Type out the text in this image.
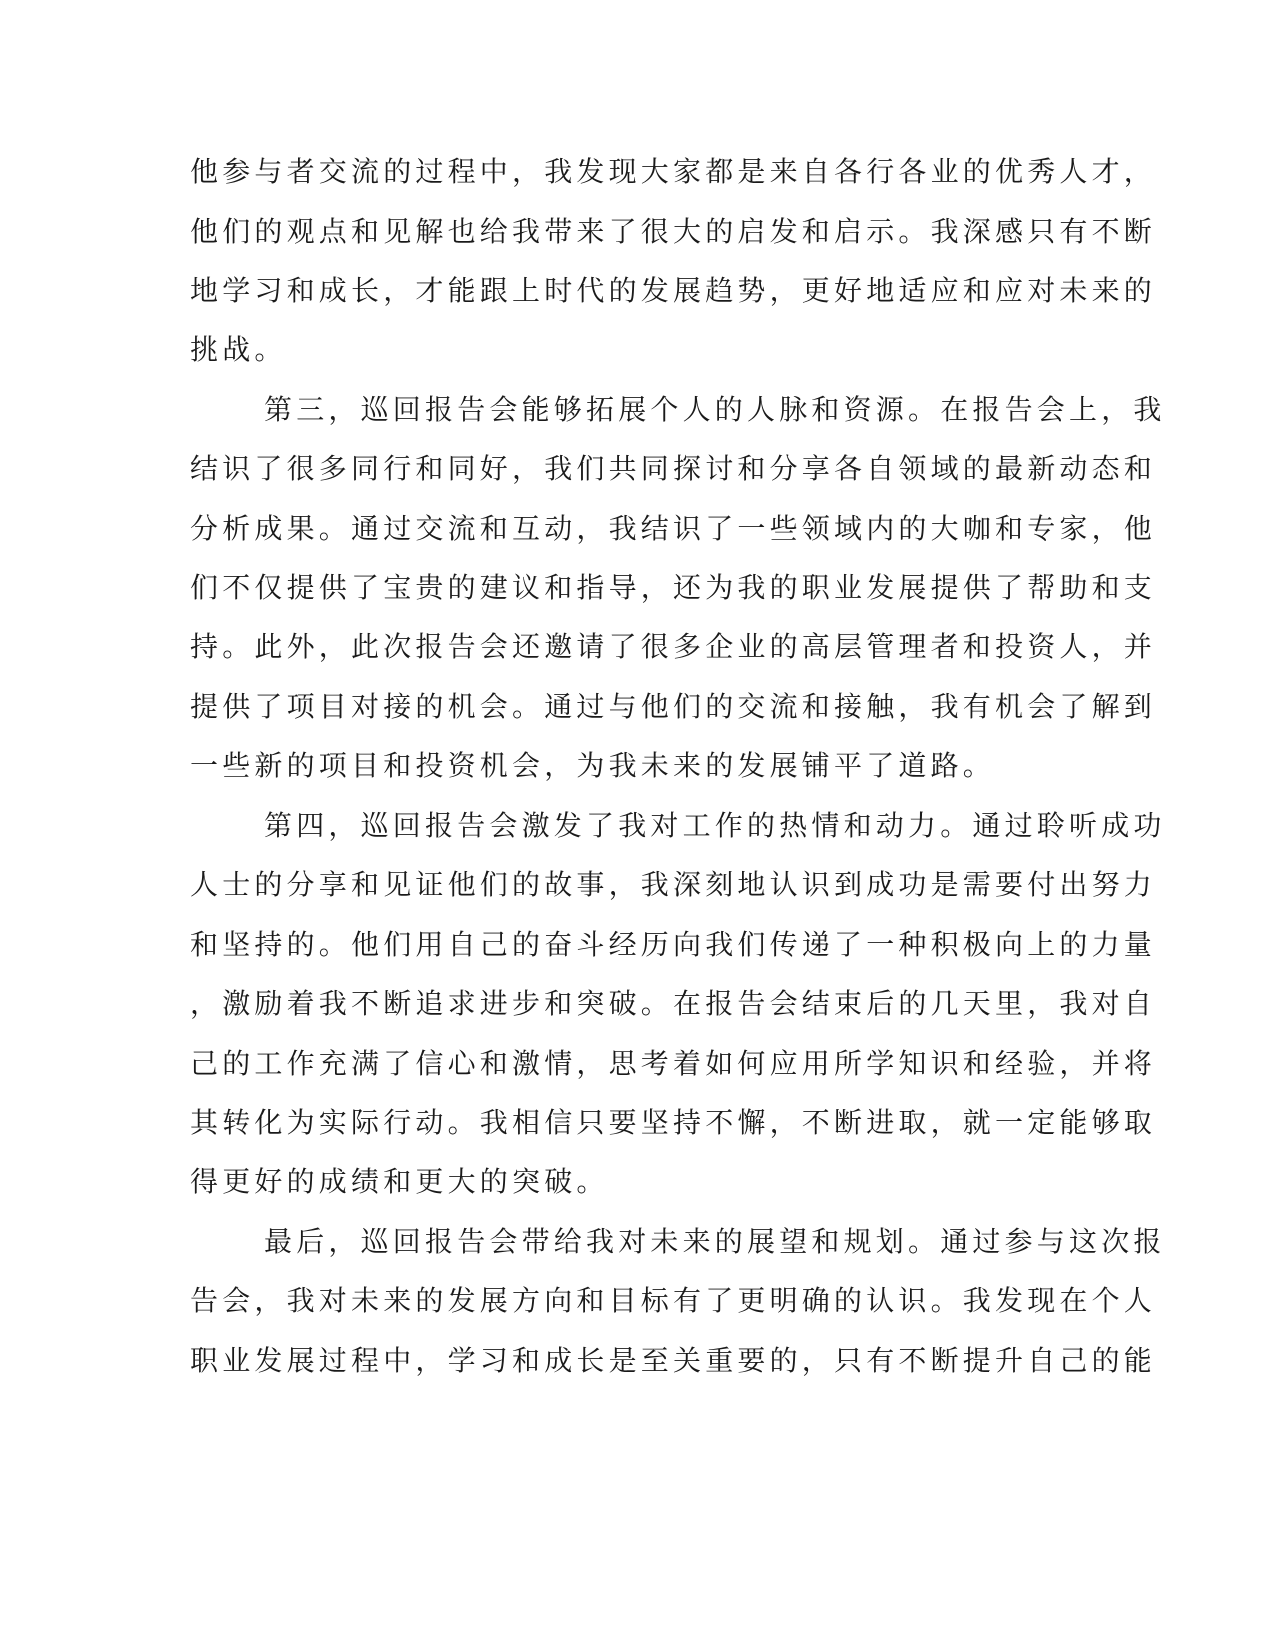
他参与者交流的过程中，我发现大家都是来自各行各业的优秀人才，
他们的观点和见解也给我带来了很大的启发和启示。我深感只有不断
地学习和成长，才能跟上时代的发展趋势，更好地适应和应对未来的
挑战。
第三，巡回报告会能够拓展个人的人脉和资源。在报告会上，我
结识了很多同行和同好，我们共同探讨和分享各自领域的最新动态和
分析成果。通过交流和互动，我结识了一些领域内的大咖和专家，他
们不仅提供了宝贵的建议和指导，还为我的职业发展提供了帮助和支
持。此外，此次报告会还邀请了很多企业的高层管理者和投资人，并
提供了项目对接的机会。通过与他们的交流和接触，我有机会了解到
一些新的项目和投资机会，为我未来的发展铺平了道路。
第四，巡回报告会激发了我对工作的热情和动力。通过聆听成功
人士的分享和见证他们的故事，我深刻地认识到成功是需要付出努力
和坚持的。他们用自己的奋斗经历向我们传递了一种积极向上的力量
，激励着我不断追求进步和突破。在报告会结束后的几天里，我对自
己的工作充满了信心和激情，思考着如何应用所学知识和经验，并将
其转化为实际行动。我相信只要坚持不懈，不断进取，就一定能够取
得更好的成绩和更大的突破。
最后，巡回报告会带给我对未来的展望和规划。通过参与这次报
告会，我对未来的发展方向和目标有了更明确的认识。我发现在个人
职业发展过程中，学习和成长是至关重要的，只有不断提升自己的能
